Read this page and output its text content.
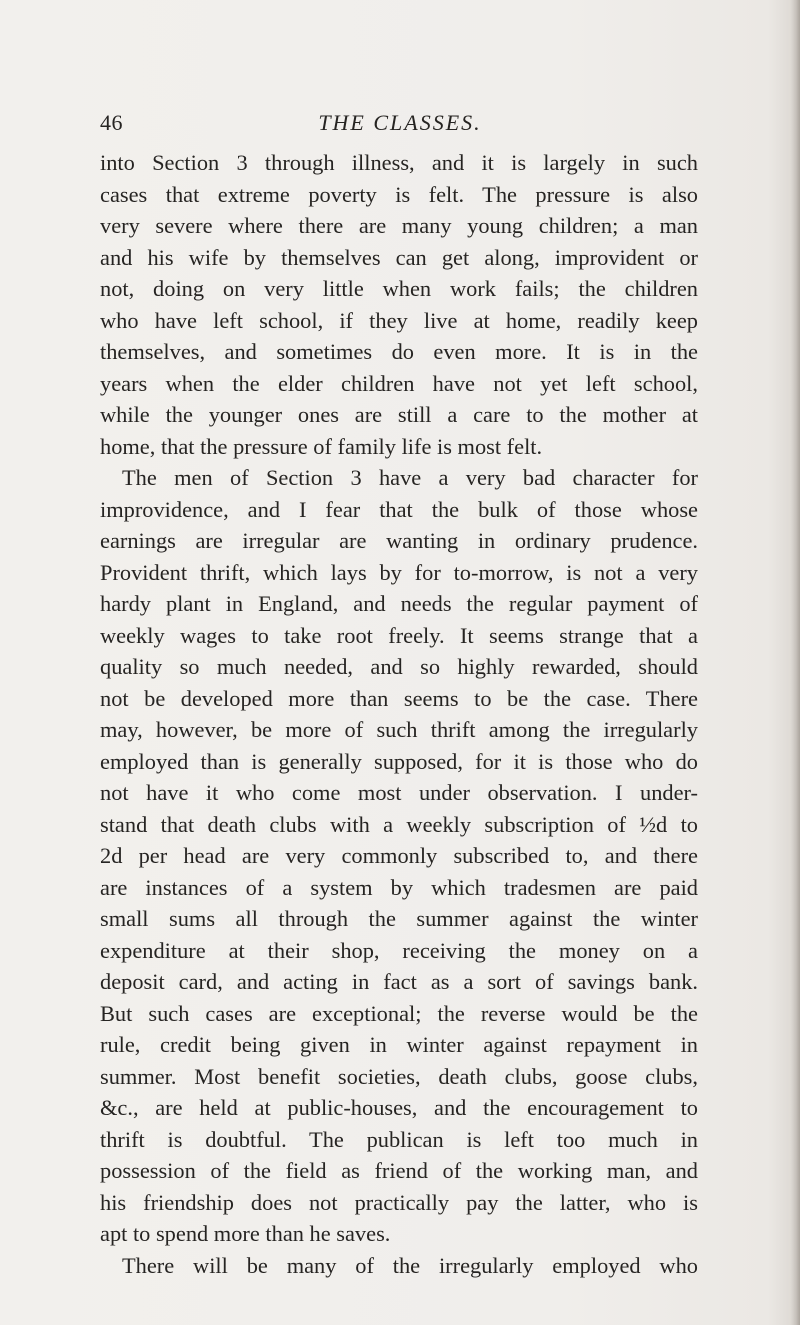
46	THE CLASSES.
into Section 3 through illness, and it is largely in such
cases that extreme poverty is felt. The pressure is also
very severe where there are many young children; a man
and his wife by themselves can get along, improvident or
not, doing on very little when work fails; the children
who have left school, if they live at home, readily keep
themselves, and sometimes do even more. It is in the
years when the elder children have not yet left school,
while the younger ones are still a care to the mother at
home, that the pressure of family life is most felt.
The men of Section 3 have a very bad character for
improvidence, and I fear that the bulk of those whose
earnings are irregular are wanting in ordinary prudence.
Provident thrift, which lays by for to-morrow, is not a very
hardy plant in England, and needs the regular payment of
weekly wages to take root freely. It seems strange that a
quality so much needed, and so highly rewarded, should
not be developed more than seems to be the case. There
may, however, be more of such thrift among the irregularly
employed than is generally supposed, for it is those who do
not have it who come most under observation. I under-
stand that death clubs with a weekly subscription of ½d to
2d per head are very commonly subscribed to, and there
are instances of a system by which tradesmen are paid
small sums all through the summer against the winter
expenditure at their shop, receiving the money on a
deposit card, and acting in fact as a sort of savings bank.
But such cases are exceptional; the reverse would be the
rule, credit being given in winter against repayment in
summer. Most benefit societies, death clubs, goose clubs,
&c., are held at public-houses, and the encouragement to
thrift is doubtful. The publican is left too much in
possession of the field as friend of the working man, and
his friendship does not practically pay the latter, who is
apt to spend more than he saves.
There will be many of the irregularly employed who
